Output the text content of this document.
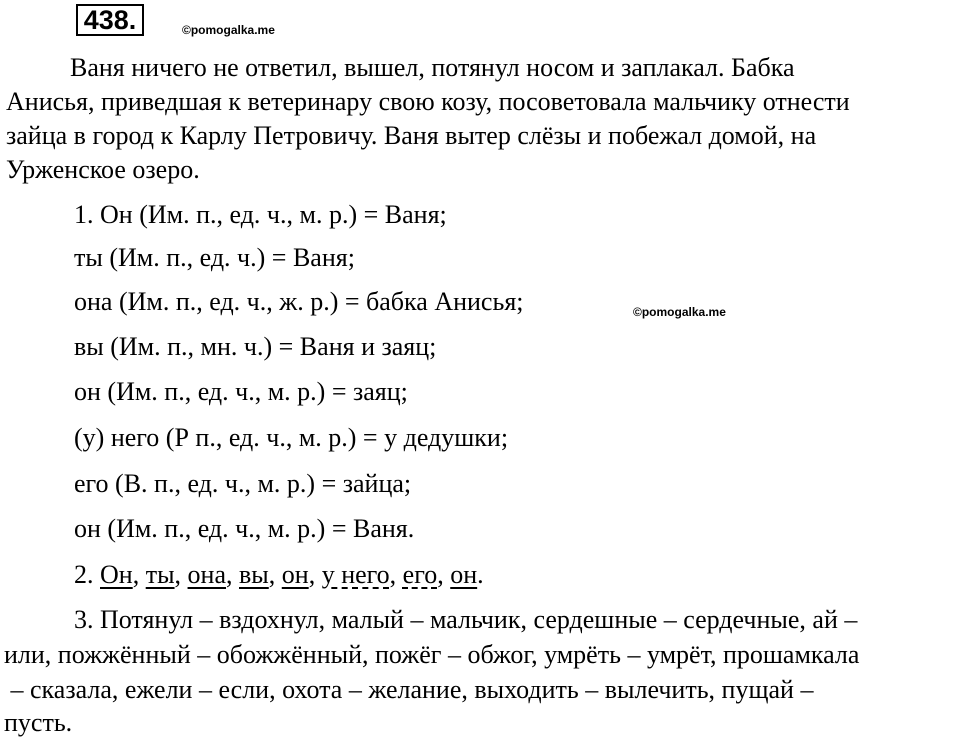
438.	©pomogalka.me
©pomogalka.me
Ваня ничего не ответил, вышел, потянул носом и заплакал. Бабка
Анисья, приведшая к ветеринару свою козу, посоветовала мальчику отнести
зайца в город к Карлу Петровичу. Ваня вытер слёзы и побежал домой, на
Урженское озеро.
1. Он (Им. п., ед. ч., м. р.) = Ваня;
ты (Им. п., ед. ч.) = Ваня;
она (Им. п., ед. ч., ж. р.) = бабка Анисья;
вы (Им. п., мн. ч.) = Ваня и заяц;
он (Им. п., ед. ч., м. р.) = заяц;
(у) него (Р п., ед. ч., м. р.) = у дедушки;
его (В. п., ед. ч., м. р.) = зайца;
он (Им. п., ед. ч., м. р.) = Ваня.
2. Он, ты, она, вы, он, у него, его, он.
3. Потянул – вздохнул, малый – мальчик, сердешные – сердечные, ай –
или, пожжённый – обожжённый, пожёг – обжог, умрёть – умрёт, прошамкала
– сказала, ежели – если, охота – желание, выходить – вылечить, пущай –
пусть.
